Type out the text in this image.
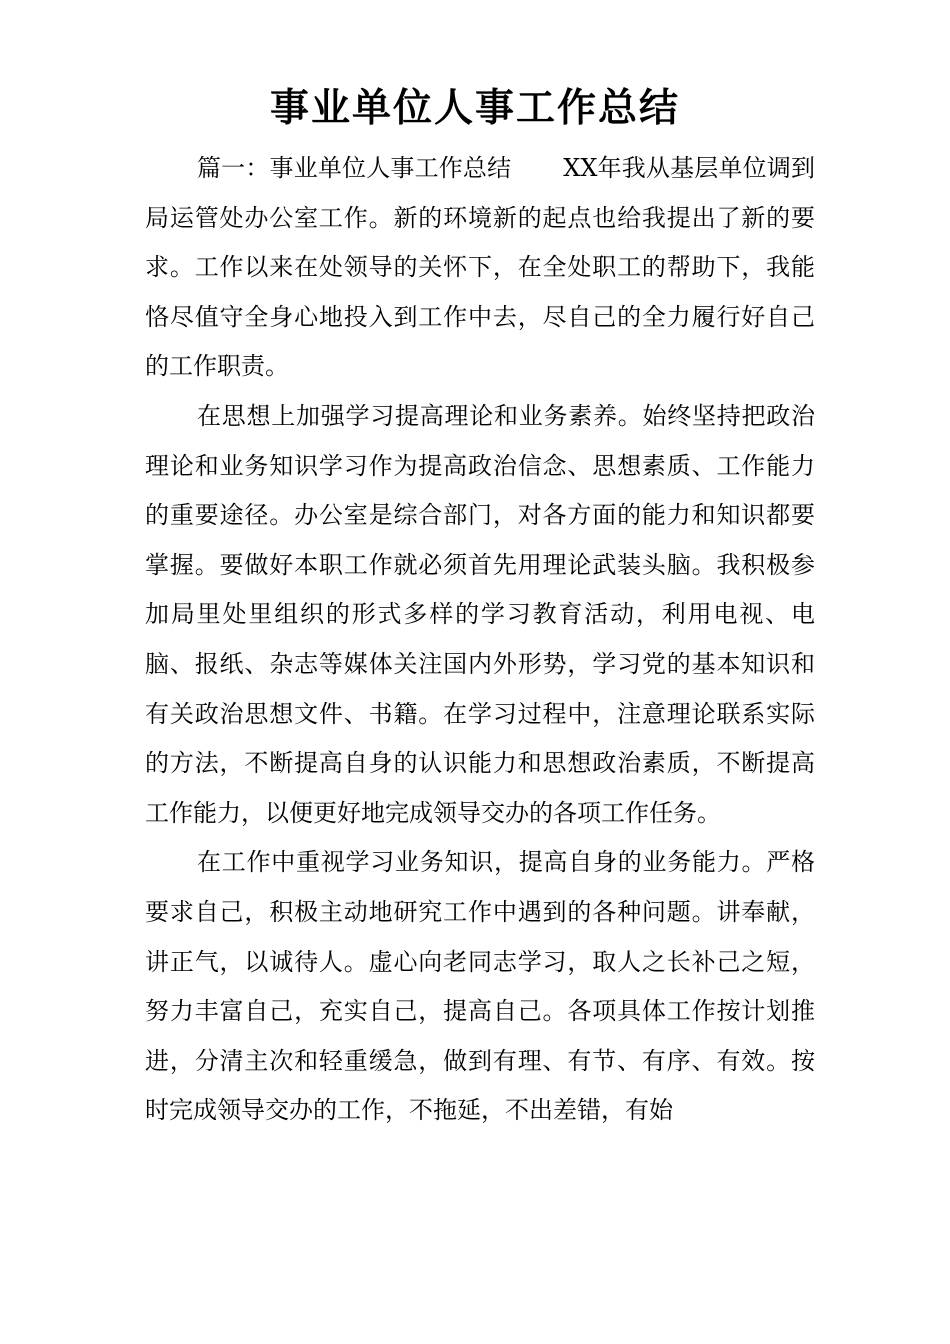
事业单位人事工作总结

篇一：事业单位人事工作总结 XX年我从基层单位调到局运管处办公室工作。新的环境新的起点也给我提出了新的要求。工作以来在处领导的关怀下，在全处职工的帮助下，我能恪尽值守全身心地投入到工作中去，尽自己的全力履行好自己的工作职责。

在思想上加强学习提高理论和业务素养。始终坚持把政治理论和业务知识学习作为提高政治信念、思想素质、工作能力的重要途径。办公室是综合部门，对各方面的能力和知识都要掌握。要做好本职工作就必须首先用理论武装头脑。我积极参加局里处里组织的形式多样的学习教育活动，利用电视、电脑、报纸、杂志等媒体关注国内外形势，学习党的基本知识和有关政治思想文件、书籍。在学习过程中，注意理论联系实际的方法，不断提高自身的认识能力和思想政治素质，不断提高工作能力，以便更好地完成领导交办的各项工作任务。

在工作中重视学习业务知识，提高自身的业务能力。严格要求自己，积极主动地研究工作中遇到的各种问题。讲奉献，讲正气，以诚待人。虚心向老同志学习，取人之长补己之短，努力丰富自己，充实自己，提高自己。各项具体工作按计划推进，分清主次和轻重缓急，做到有理、有节、有序、有效。按时完成领导交办的工作，不拖延，不出差错，有始
